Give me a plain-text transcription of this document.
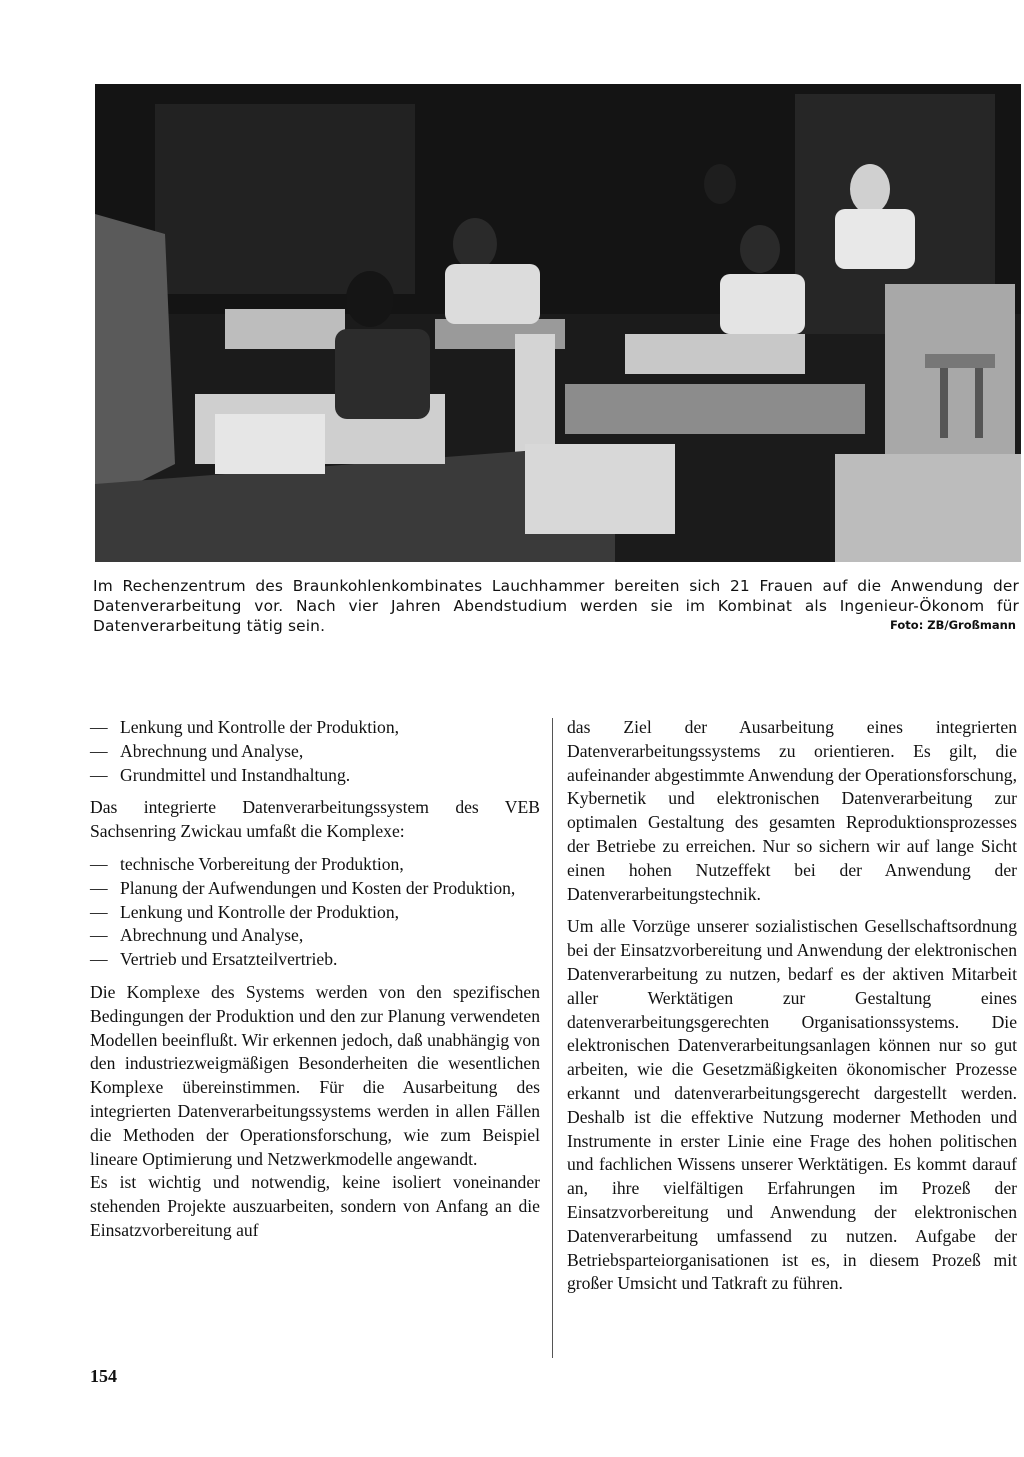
Im Rechenzentrum des Braunkohlenkombinates Lauchhammer bereiten sich 21 Frauen auf die Anwendung der Datenverarbeitung vor. Nach vier Jahren Abendstudium werden sie im Kombinat als Ingenieur-Ökonom für Datenverarbeitung tätig sein.	Foto: ZB/Großmann
— Lenkung und Kontrolle der Produktion,
— Abrechnung und Analyse,
— Grundmittel und Instandhaltung.

Das integrierte Datenverarbeitungssystem des VEB Sachsenring Zwickau umfaßt die Komplexe:

— technische Vorbereitung der Produktion,
— Planung der Aufwendungen und Kosten der Produktion,
— Lenkung und Kontrolle der Produktion,
— Abrechnung und Analyse,
— Vertrieb und Ersatzteilvertrieb.

Die Komplexe des Systems werden von den spezifischen Bedingungen der Produktion und den zur Planung verwendeten Modellen beeinflußt. Wir erkennen jedoch, daß unabhängig von den industriezweigmäßigen Besonderheiten die wesentlichen Komplexe übereinstimmen. Für die Ausarbeitung des integrierten Datenverarbeitungssystems werden in allen Fällen die Methoden der Operationsforschung, wie zum Beispiel lineare Optimierung und Netzwerkmodelle angewandt.

Es ist wichtig und notwendig, keine isoliert voneinander stehenden Projekte auszuarbeiten, sondern von Anfang an die Einsatzvorbereitung auf

das Ziel der Ausarbeitung eines integrierten Datenverarbeitungssystems zu orientieren. Es gilt, die aufeinander abgestimmte Anwendung der Operationsforschung, Kybernetik und elektronischen Datenverarbeitung zur optimalen Gestaltung des gesamten Reproduktionsprozesses der Betriebe zu erreichen. Nur so sichern wir auf lange Sicht einen hohen Nutzeffekt bei der Anwendung der Datenverarbeitungstechnik.

Um alle Vorzüge unserer sozialistischen Gesellschaftsordnung bei der Einsatzvorbereitung und Anwendung der elektronischen Datenverarbeitung zu nutzen, bedarf es der aktiven Mitarbeit aller Werktätigen zur Gestaltung eines datenverarbeitungsgerechten Organisationssystems. Die elektronischen Datenverarbeitungsanlagen können nur so gut arbeiten, wie die Gesetzmäßigkeiten ökonomischer Prozesse erkannt und datenverarbeitungsgerecht dargestellt werden. Deshalb ist die effektive Nutzung moderner Methoden und Instrumente in erster Linie eine Frage des hohen politischen und fachlichen Wissens unserer Werktätigen. Es kommt darauf an, ihre vielfältigen Erfahrungen im Prozeß der Einsatzvorbereitung und Anwendung der elektronischen Datenverarbeitung umfassend zu nutzen. Aufgabe der Betriebsparteiorganisationen ist es, in diesem Prozeß mit großer Umsicht und Tatkraft zu führen.

154
